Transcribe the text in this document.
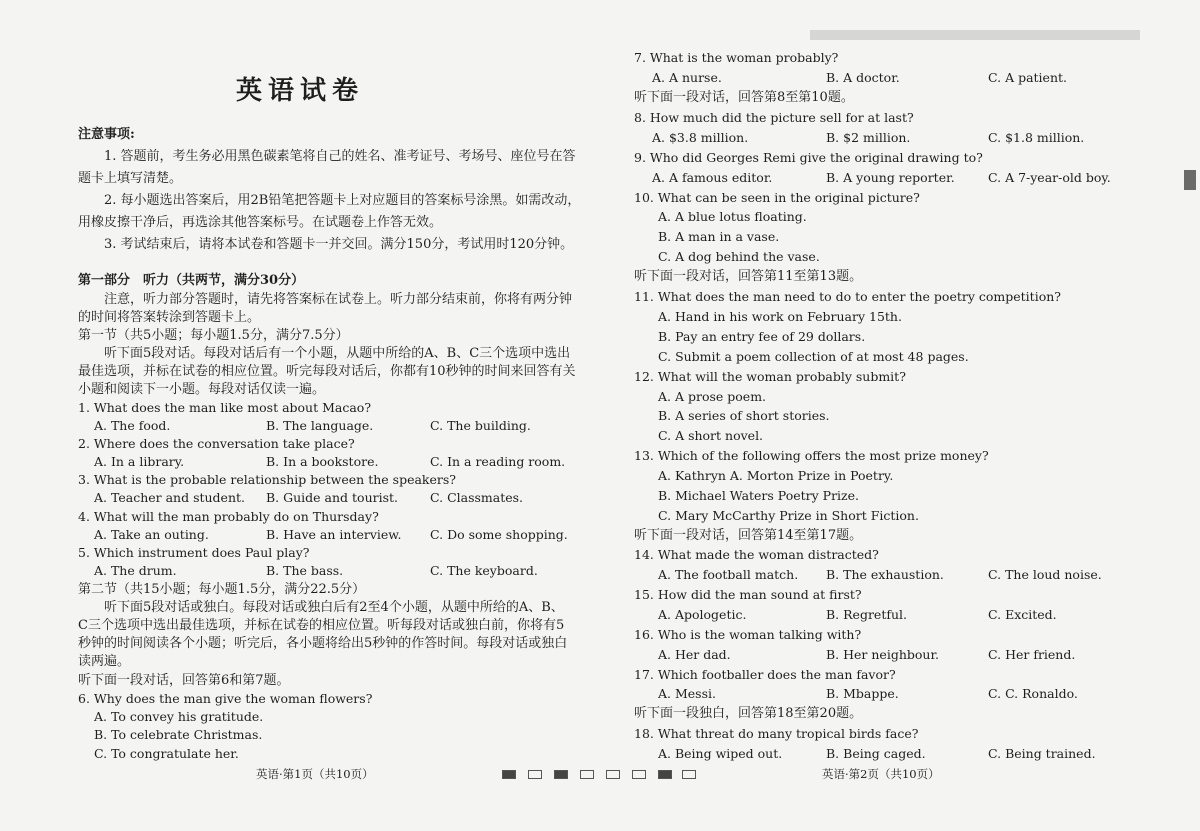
英语试卷
注意事项:
1. 答题前，考生务必用黑色碳素笔将自己的姓名、准考证号、考场号、座位号在答
题卡上填写清楚。
2. 每小题选出答案后，用2B铅笔把答题卡上对应题目的答案标号涂黑。如需改动，
用橡皮擦干净后，再选涂其他答案标号。在试题卷上作答无效。
3. 考试结束后，请将本试卷和答题卡一并交回。满分150分，考试用时120分钟。
第一部分　听力（共两节，满分30分）
注意，听力部分答题时，请先将答案标在试卷上。听力部分结束前，你将有两分钟
的时间将答案转涂到答题卡上。
第一节（共5小题；每小题1.5分，满分7.5分）
听下面5段对话。每段对话后有一个小题，从题中所给的A、B、C三个选项中选出
最佳选项，并标在试卷的相应位置。听完每段对话后，你都有10秒钟的时间来回答有关
小题和阅读下一小题。每段对话仅读一遍。
1. What does the man like most about Macao?
A. The food.	B. The language.	C. The building.
2. Where does the conversation take place?
A. In a library.	B. In a bookstore.	C. In a reading room.
3. What is the probable relationship between the speakers?
A. Teacher and student. B. Guide and tourist.	C. Classmates.
4. What will the man probably do on Thursday?
A. Take an outing.	B. Have an interview. C. Do some shopping.
5. Which instrument does Paul play?
A. The drum.	B. The bass.	C. The keyboard.
第二节（共15小题；每小题1.5分，满分22.5分）
听下面5段对话或独白。每段对话或独白后有2至4个小题，从题中所给的A、B、
C三个选项中选出最佳选项，并标在试卷的相应位置。听每段对话或独白前，你将有5
秒钟的时间阅读各个小题；听完后，各小题将给出5秒钟的作答时间。每段对话或独白
读两遍。
听下面一段对话，回答第6和第7题。
6. Why does the man give the woman flowers?
A. To convey his gratitude.
B. To celebrate Christmas.
C. To congratulate her.
英语·第1页（共10页）
7. What is the woman probably?
A. A nurse.	B. A doctor.	C. A patient.
听下面一段对话，回答第8至第10题。
8. How much did the picture sell for at last?
A. $3.8 million.	B. $2 million.	C. $1.8 million.
9. Who did Georges Remi give the original drawing to?
A. A famous editor.	B. A young reporter.	C. A 7-year-old boy.
10. What can be seen in the original picture?
A. A blue lotus floating.
B. A man in a vase.
C. A dog behind the vase.
听下面一段对话，回答第11至第13题。
11. What does the man need to do to enter the poetry competition?
A. Hand in his work on February 15th.
B. Pay an entry fee of 29 dollars.
C. Submit a poem collection of at most 48 pages.
12. What will the woman probably submit?
A. A prose poem.
B. A series of short stories.
C. A short novel.
13. Which of the following offers the most prize money?
A. Kathryn A. Morton Prize in Poetry.
B. Michael Waters Poetry Prize.
C. Mary McCarthy Prize in Short Fiction.
听下面一段对话，回答第14至第17题。
14. What made the woman distracted?
A. The football match. B. The exhaustion.	C. The loud noise.
15. How did the man sound at first?
A. Apologetic.	B. Regretful.	C. Excited.
16. Who is the woman talking with?
A. Her dad.	B. Her neighbour.	C. Her friend.
17. Which footballer does the man favor?
A. Messi.	B. Mbappe.	C. C. Ronaldo.
听下面一段独白，回答第18至第20题。
18. What threat do many tropical birds face?
A. Being wiped out.	B. Being caged.	C. Being trained.
英语·第2页（共10页）
